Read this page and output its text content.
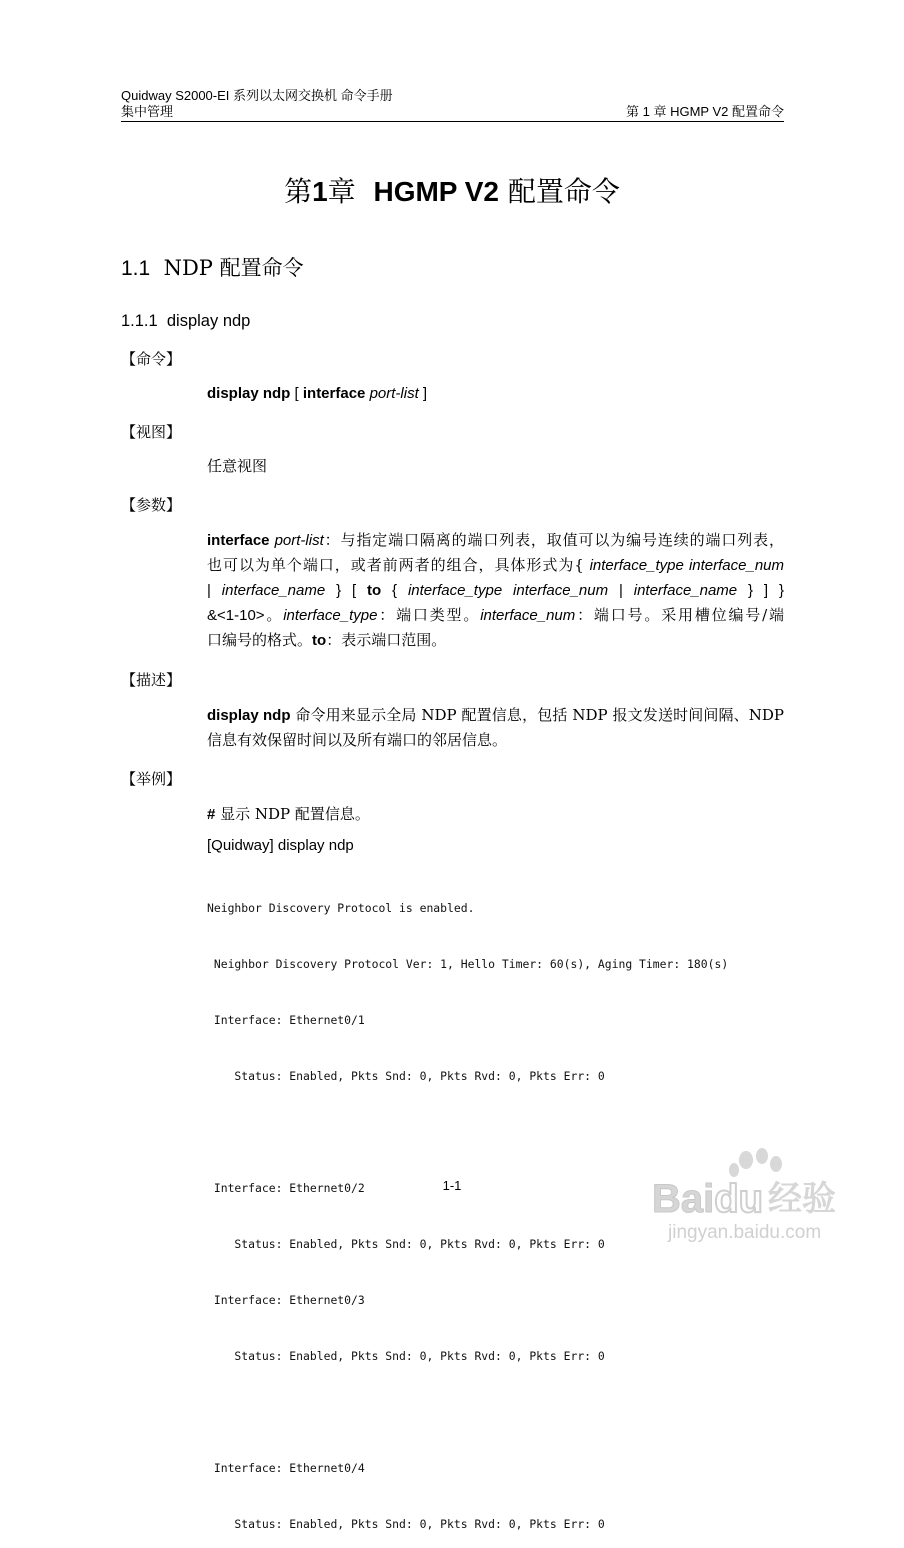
Quidway S2000-EI 系列以太网交换机 命令手册
集中管理	第 1 章 HGMP V2 配置命令
第1章  HGMP V2 配置命令
1.1 NDP 配置命令
1.1.1 display ndp
【命令】
display ndp [ interface port-list ]
【视图】
任意视图
【参数】
interface port-list：与指定端口隔离的端口列表，取值可以为编号连续的端口列表，
也可以为单个端口，或者前两者的组合，具体形式为{ interface_type interface_num
| interface_name } [ to { interface_type interface_num | interface_name } ] }
&<1-10>。interface_type：端口类型。interface_num：端口号。采用槽位编号/端
口编号的格式。to：表示端口范围。
【描述】
display ndp 命令用来显示全局 NDP 配置信息，包括 NDP 报文发送时间间隔、NDP
信息有效保留时间以及所有端口的邻居信息。
【举例】
# 显示 NDP 配置信息。
[Quidway] display ndp

Neighbor Discovery Protocol is enabled.

Neighbor Discovery Protocol Ver: 1, Hello Timer: 60(s), Aging Timer: 180(s)

Interface: Ethernet0/1

Status: Enabled, Pkts Snd: 0, Pkts Rvd: 0, Pkts Err: 0

Interface: Ethernet0/2

Status: Enabled, Pkts Snd: 0, Pkts Rvd: 0, Pkts Err: 0

Interface: Ethernet0/3

Status: Enabled, Pkts Snd: 0, Pkts Rvd: 0, Pkts Err: 0

Interface: Ethernet0/4

Status: Enabled, Pkts Snd: 0, Pkts Rvd: 0, Pkts Err: 0

1-1	Baidu 经验
jingyan.baidu.com
